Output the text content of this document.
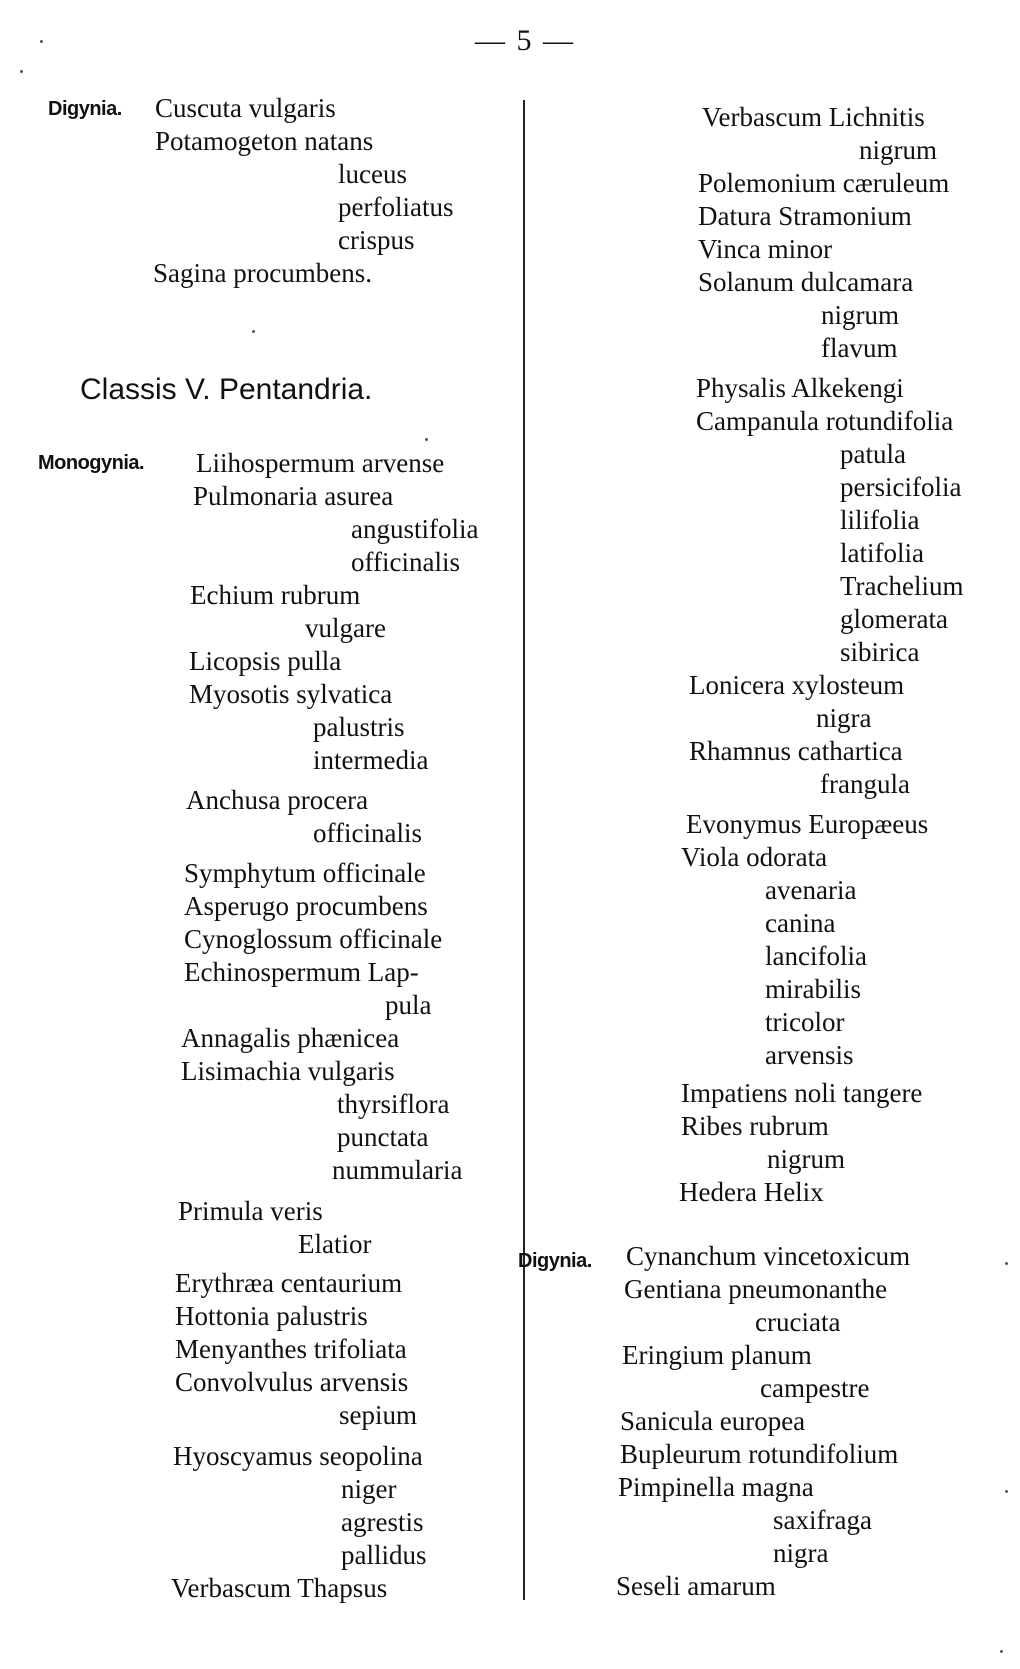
— 5 —
Digynia. Cuscuta vulgaris
Potamogeton natans
luceus
perfoliatus
crispus
Sagina procumbens.
Classis V. Pentandria.
Monogynia. Liihospermum arvense
Pulmonaria asurea
angustifolia
officinalis
Echium rubrum
vulgare
Licopsis pulla
Myosotis sylvatica
palustris
intermedia
Anchusa procera
officinalis
Symphytum officinale
Asperugo procumbens
Cynoglossum officinale
Echinospermum Lap-
pula
Annagalis phænicea
Lisimachia vulgaris
thyrsiflora
punctata
nummularia
Primula veris
Elatior
Erythræa centaurium
Hottonia palustris
Menyanthes trifoliata
Convolvulus arvensis
sepium
Hyoscyamus seopolina
niger
agrestis
pallidus
Verbascum Thapsus
Verbascum Lichnitis
nigrum
Polemonium cæruleum
Datura Stramonium
Vinca minor
Solanum dulcamara
nigrum
flavum
Physalis Alkekengi
Campanula rotundifolia
patula
persicifolia
lilifolia
latifolia
Trachelium
glomerata
sibirica
Lonicera xylosteum
nigra
Rhamnus cathartica
frangula
Evonymus Europæeus
Viola odorata
avenaria
canina
lancifolia
mirabilis
tricolor
arvensis
Impatiens noli tangere
Ribes rubrum
nigrum
Hedera Helix
Digynia. Cynanchum vincetoxicum
Gentiana pneumonanthe
cruciata
Eringium planum
campestre
Sanicula europea
Bupleurum rotundifolium
Pimpinella magna
saxifraga
nigra
Seseli amarum
